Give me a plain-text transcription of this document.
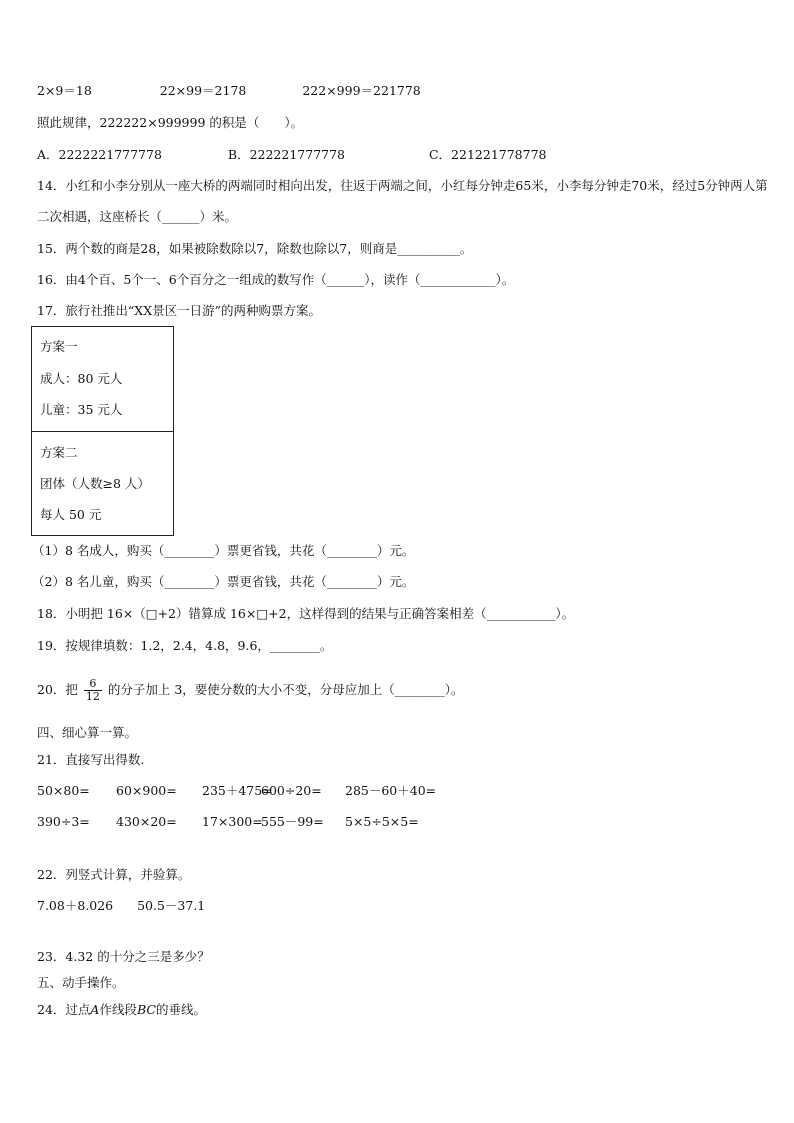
2×9＝18	22×99＝2178	222×999＝221778
照此规律，222222×999999 的积是（　　）。
A．2222221777778	B．222221777778	C．221221778778
14．小红和小李分别从一座大桥的两端同时相向出发，往返于两端之间，小红每分钟走65米，小李每分钟走70米，经过5分钟两人第二次相遇，这座桥长（______）米。
15．两个数的商是28，如果被除数除以7，除数也除以7，则商是__________。
16．由4个百、5个一、6个百分之一组成的数写作（______），读作（____________）。
17．旅行社推出“XX景区一日游”的两种购票方案。
方案一
成人：80 元人
儿童：35 元人
方案二
团体（人数≥8 人）
每人 50 元
（1）8 名成人，购买（________）票更省钱，共花（________）元。
（2）8 名儿童，购买（________）票更省钱，共花（________）元。
18．小明把 16×（□+2）错算成 16×□+2，这样得到的结果与正确答案相差（___________）。
19．按规律填数：1.2，2.4，4.8，9.6，________。
20．把 $\frac{6}{12}$ 的分子加上 3，要使分数的大小不变，分母应加上（________）。
四、细心算一算。
21．直接写出得数.
50×80= 60×900= 235＋475=600÷20= 285－60＋40=
390÷3= 430×20= 17×300=555－99= 5×5÷5×5=
22．列竖式计算，并验算。
7.08＋8.026 50.5－37.1
23．4.32 的十分之三是多少？
五、动手操作。
24．过点A作线段BC的垂线。
